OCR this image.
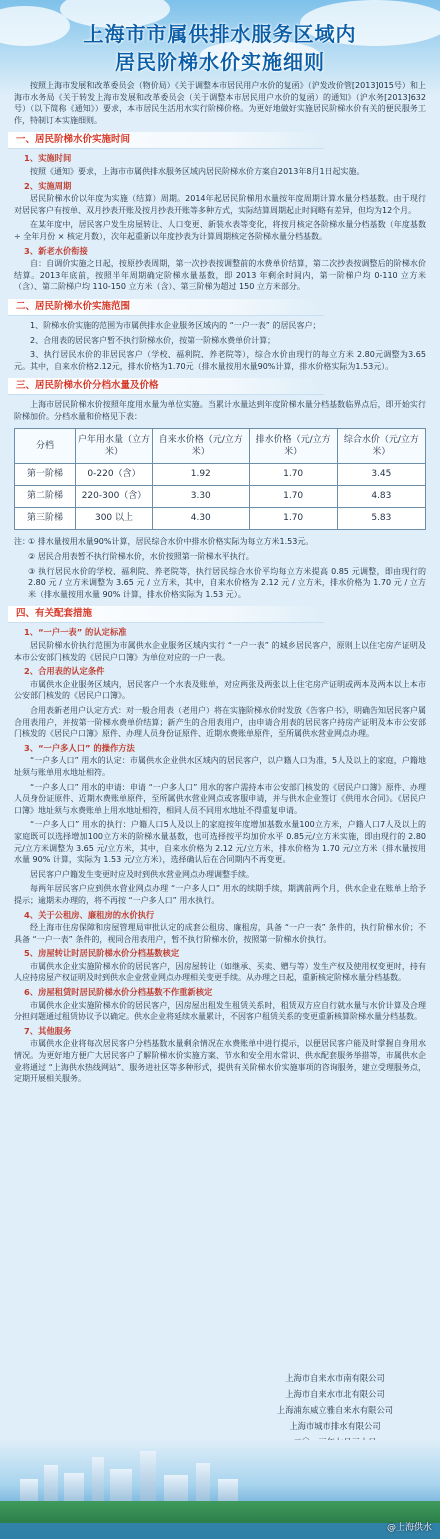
上海市市属供排水服务区域内
居民阶梯水价实施细则

按照上海市发展和改革委员会（物价局）《关于调整本市居民用户水价的复函》（沪发改价管[2013]015号）和上海市水务局《关于转发上海市发展和改革委员会（关于调整本市居民用户水价的复函）的通知》（沪水务[2013]632号）（以下简称《通知》）要求，本市居民生活用水实行阶梯价格。为更好地做好实施居民阶梯水价有关的便民服务工作，特制订本实施细则。

一、居民阶梯水价实施时间
1、实施时间

按照《通知》要求，上海市市属供排水服务区域内居民阶梯水价方案自2013年8月1日起实施。

2、实施周期

居民阶梯水价以年度为实施（结算）周期。2014年起居民阶梯用水量按年度周期计算水量分档基数。由于现行对居民客户有按单、双月抄表开账及按月抄表开账等多种方式，实际结算周期起止时间略有差异，但均为12个月。

在某年度中，居民客户发生房屋转让、人口变更、新装水表等变化，将按月核定各阶梯水量分档基数（年度基数 ÷ 全年月份 × 核定月数），次年起重新以年度抄表为计算周期核定各阶梯水量分档基数。

3、新老水价衔接

自：自调价实施之日起，按原抄表周期，第一次抄表按调整前的水费单价结算，第二次抄表按调整后的阶梯水价结算。2013年底前，按照半年周期确定阶梯水量基数，即 2013 年剩余时间内，第一阶梯户均 0-110 立方米（含）、第二阶梯户均 110-150 立方米（含）、第三阶梯为超过 150 立方米部分。

二、居民阶梯水价实施范围

1、阶梯水价实施的范围为市属供排水企业服务区域内的 “一户一表” 的居民客户；

2、合用表的居民客户暂不执行阶梯水价，按第一阶梯水费单价计算；

3、执行居民水价的非居民客户（学校、福利院、养老院等），综合水价由现行的每立方米 2.80元调整为3.65元。其中，自来水价格2.12元，排水价格为1.70元（排水量按用水量90%计算，排水价格实际为1.53元）。

三、居民阶梯水价分档水量及价格

上海市居民阶梯水价按照年度用水量为单位实施。当累计水量达到年度阶梯水量分档基数临界点后，即开始实行阶梯加价。分档水量和价格见下表：

分档	户年用水量（立方米）	自来水价格（元/立方米）	排水价格（元/立方米）	综合水价（元/立方米）
第一阶梯	0-220（含）	1.92	1.70	3.45
第二阶梯	220-300（含）	3.30	1.70	4.83
第三阶梯	300 以上	4.30	1.70	5.83

注：① 排水量按用水量90%计算，居民综合水价中排水价格实际为每立方米1.53元。

② 居民合用表暂不执行阶梯水价，水价按照第一阶梯水平执行。

③ 执行居民水价的学校、福利院、养老院等，执行居民综合水价平均每立方米提高 0.85 元调整，即由现行的 2.80 元 / 立方米调整为 3.65 元 / 立方米，其中，自来水价格为 2.12 元 / 立方米，排水价格为 1.70 元 / 立方米（排水量按用水量 90% 计算，排水价格实际为 1.53 元）。

四、有关配套措施
1、“一户一表” 的认定标准

居民阶梯水价执行范围为市属供水企业服务区域内实行 “一户一表” 的城乡居民客户，原则上以住宅房产证明及本市公安部门核发的《居民户口簿》为单位对应的一户一表。

2、合用表的认定条件

市属供水企业服务区域内，居民客户一个水表及账单，对应两张及两张以上住宅房产证明或两本及两本以上本市公安部门核发的《居民户口簿》。

合用表新老用户认定方式：对一般合用表（老用户）将在实施阶梯水价时发放《告客户书》，明确告知居民客户属合用表用户，并按第一阶梯水费单价结算；新产生的合用表用户，由申请合用表的居民客户持房产证明及本市公安部门核发的《居民户口簿》原件、办理人员身份证原件、近期水费账单原件，至所属供水营业网点办理。

3、“一户多人口” 的操作方法

“一户多人口” 用水的认定：市属供水企业供水区域内的居民客户，以户籍人口为准，5人及以上的家庭，户籍地址须与账单用水地址相符。

“一户多人口” 用水的申请：申请 “一户多人口” 用水的客户需持本市公安部门核发的《居民户口簿》原件、办理人员身份证原件、近期水费账单原件，至所属供水营业网点或客服申请，并与供水企业签订《供用水合同》。《居民户口簿》地址须与水费账单上用水地址相符，相同人员不同用水地址不得重复申请。

“一户多人口” 用水的执行：户籍人口5人及以上的家庭按年度增加基数水量100立方米，户籍人口7人及以上的家庭既可以选择增加100立方米的阶梯水量基数，也可选择按平均加价水平 0.85元/立方米实施，即由现行的 2.80 元/立方米调整为 3.65 元/立方米，其中，自来水价格为 2.12 元/立方米，排水价格为 1.70 元/立方米（排水量按用水量 90% 计算，实际为 1.53 元/立方米），选择确认后在合同期内不再变更。

居民客户户籍发生变更时应及时到供水营业网点办理调整手续。

每两年居民客户应到供水营业网点办理 “一户多人口” 用水的续期手续，期满前两个月，供水企业在账单上给予提示；逾期未办理的，将不再按 “一户多人口” 用水执行。

4、关于公租房、廉租房的水价执行

经上海市住房保障和房屋管理局审批认定的成套公租房、廉租房，具备 “一户一表” 条件的，执行阶梯水价；不具备 “一户一表” 条件的，视同合用表用户，暂不执行阶梯水价，按照第一阶梯水价执行。

5、房屋转让时居民阶梯水价分档基数核定

市属供水企业实施阶梯水价的居民客户，因房屋转让（如继承、买卖、赠与等）发生产权及使用权变更时，持有人应持房屋产权证明及时到供水企业营业网点办理相关变更手续。从办理之日起，重新核定阶梯水量分档基数。

6、房屋租赁时居民阶梯水价分档基数不作重新核定

市属供水企业实施阶梯水价的居民客户，因房屋出租发生租赁关系时，租赁双方应自行就水量与水价计算及合理分担问题通过租赁协议予以确定。供水企业将延续水量累计，不因客户租赁关系的变更重新核算阶梯水量分档基数。

7、其他服务

市属供水企业将每次居民客户分档基数水量剩余情况在水费账单中进行提示，以便居民客户能及时掌握自身用水情况。为更好地方便广大居民客户了解阶梯水价实施方案、节水和安全用水常识、供水配套服务举措等，市属供水企业将通过 “上海供水热线网站”、服务进社区等多种形式，提供有关阶梯水价实施事项的咨询服务，建立受理服务点，定期开展相关服务。

上海市自来水市南有限公司
上海市自来水市北有限公司
上海浦东威立雅自来水有限公司
上海市城市排水有限公司
@上海供水
